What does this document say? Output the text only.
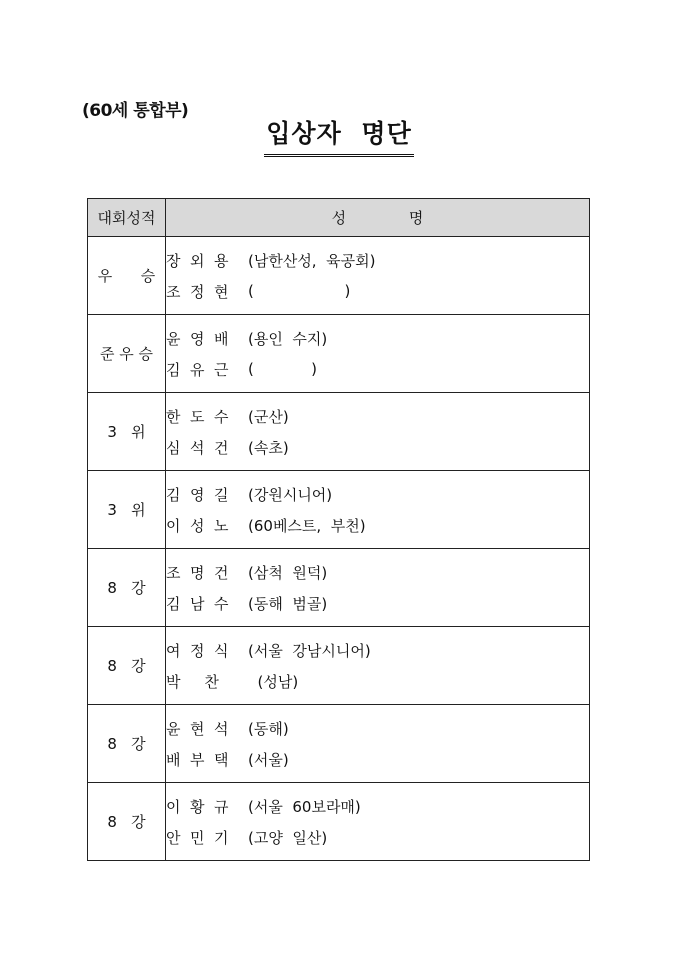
(60세 통합부)
입상자 명단
대회성적	성 명
우      승	장  외  용 (남한산성,  육공회)
조  정  현 (                   )

준 우 승	윤  영  배 (용인  수지)
김  유  근 (            )

3   위	한  도  수 (군산)
심  석  건 (속초)

3   위	김  영  길 (강원시니어)
이  성  노 (60베스트,  부천)

8   강	조  명  건 (삼척  원덕)
김  남  수 (동해  범골)

8   강	여  정  식 (서울  강남시니어)
박     찬 (성남)

8   강	윤  현  석 (동해)
배  부  택 (서울)

8   강	이  황  규 (서울  60보라매)
안  민  기 (고양  일산)
